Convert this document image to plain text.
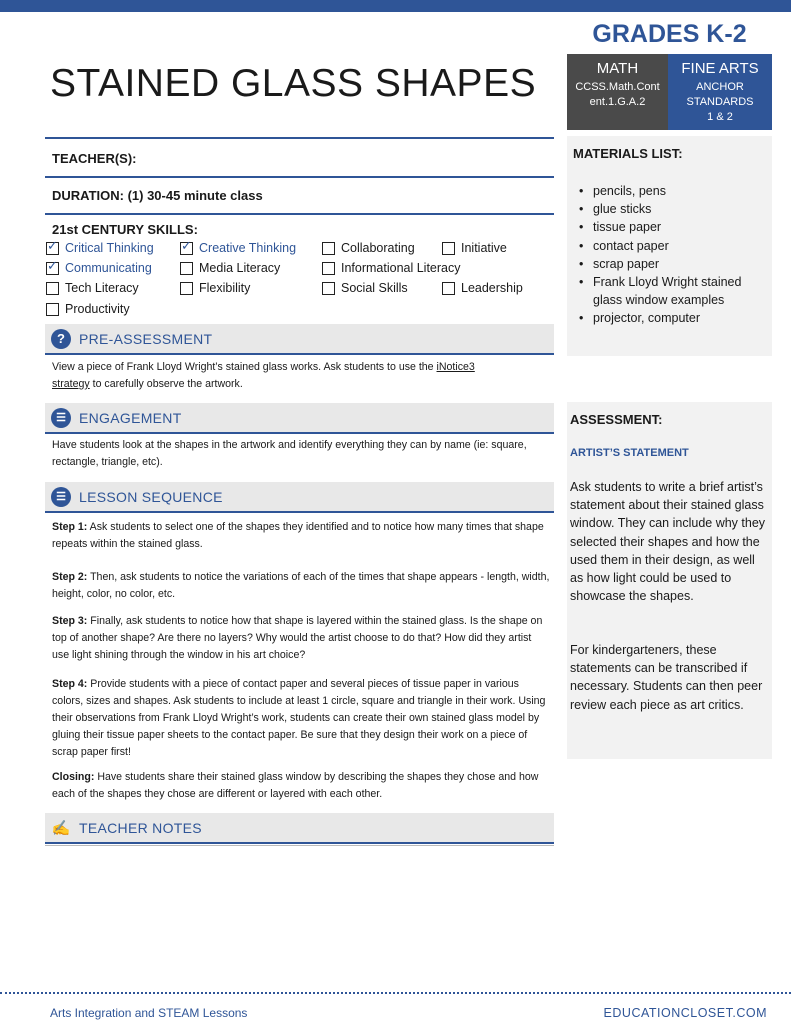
STAINED GLASS SHAPES
GRADES K-2
MATH
CCSS.Math.Cont
ent.1.G.A.2
FINE ARTS
ANCHOR
STANDARDS
1 & 2
TEACHER(S):
DURATION: (1) 30-45 minute class
21st CENTURY SKILLS:
✓
Critical Thinking
✓	Creative Thinking	Collaborating	Initiative
✓
Communicating	Media Literacy	Informational Literacy
Tech Literacy	Flexibility	Social Skills	Leadership
Productivity
?	PRE-ASSESSMENT
View a piece of Frank Lloyd Wright’s stained glass works. Ask students to use the iNotice3
strategy to carefully observe the artwork.
☰ ENGAGEMENT
Have students look at the shapes in the artwork and identify everything they can by name (ie: square, rectangle, triangle, etc).
☰ LESSON SEQUENCE
Step 1: Ask students to select one of the shapes they identified and to notice how many times that shape repeats within the stained glass.
Step 2: Then, ask students to notice the variations of each of the times that shape appears - length, width, height, color, no color, etc.
Step 3: Finally, ask students to notice how that shape is layered within the stained glass. Is the shape on top of another shape? Are there no layers? Why would the artist choose to do that? How did they artist use light shining through the window in his art choice?
Step 4: Provide students with a piece of contact paper and several pieces of tissue paper in various colors, sizes and shapes. Ask students to include at least 1 circle, square and triangle in their work. Using their observations from Frank Lloyd Wright’s work, students can create their own stained glass model by gluing their tissue paper sheets to the contact paper. Be sure that they design their work on a piece of scrap paper first!
Closing: Have students share their stained glass window by describing the shapes they chose and how each of the shapes they chose are different or layered with each other.
✍ TEACHER NOTES
MATERIALS LIST:
• pencils, pens
• glue sticks
• tissue paper
• contact paper
• scrap paper
• Frank Lloyd Wright stained glass window examples
• projector, computer
ASSESSMENT:
ARTIST’S STATEMENT
Ask students to write a brief artist’s statement about their stained glass window. They can include why they selected their shapes and how the used them in their design, as well as how light could be used to showcase the shapes.
For kindergarteners, these statements can be transcribed if necessary. Students can then peer review each piece as art critics.
Arts Integration and STEAM Lessons	EDUCATIONCLOSET.COM
